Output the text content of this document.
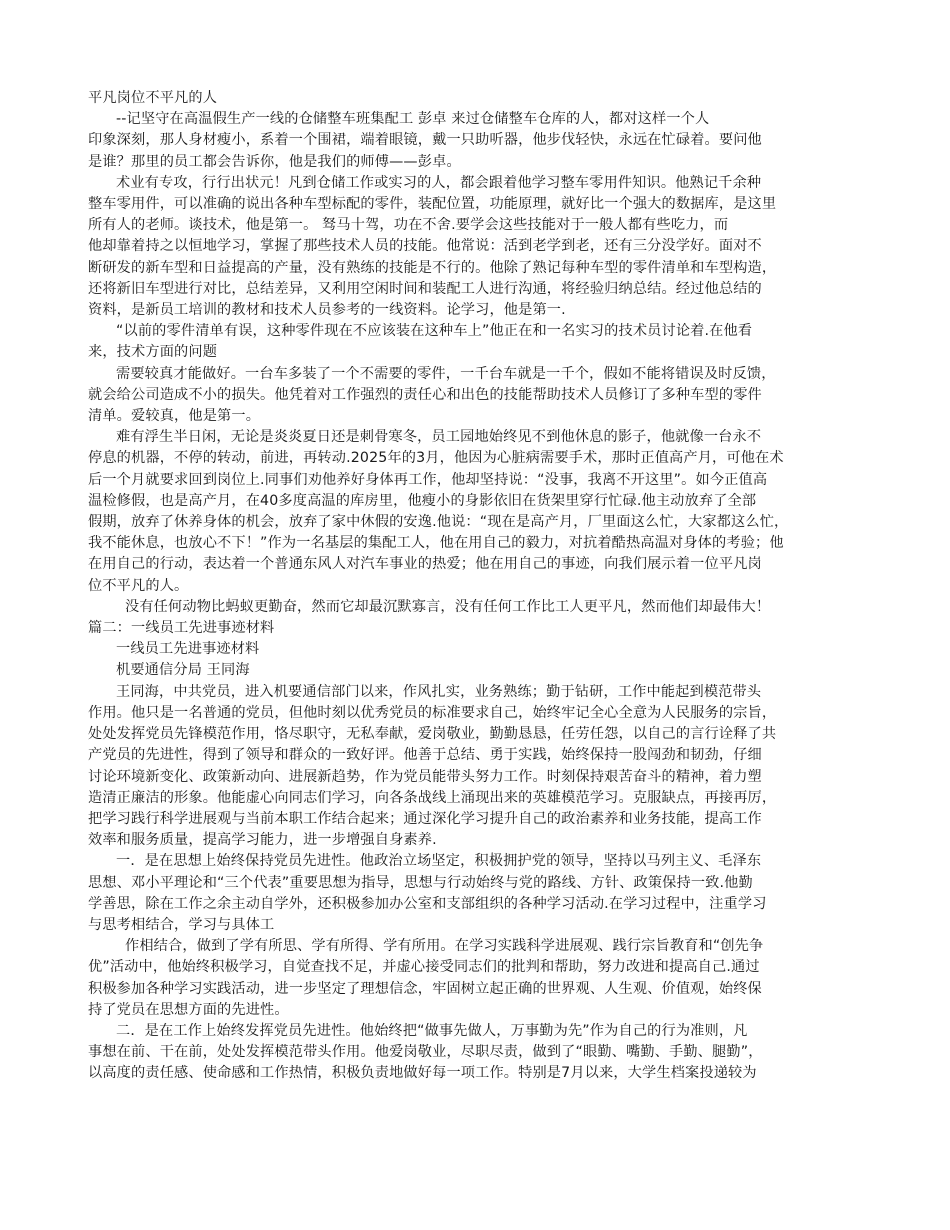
平凡岗位不平凡的人
--记坚守在高温假生产一线的仓储整车班集配工 彭卓 来过仓储整车仓库的人，都对这样一个人
印象深刻，那人身材瘦小，系着一个围裙，端着眼镜，戴一只助听器，他步伐轻快，永远在忙碌着。要问他
是谁？那里的员工都会告诉你，他是我们的师傅——彭卓。
术业有专攻，行行出状元！凡到仓储工作或实习的人，都会跟着他学习整车零用件知识。他熟记千余种
整车零用件，可以准确的说出各种车型标配的零件，装配位置，功能原理，就好比一个强大的数据库，是这里
所有人的老师。谈技术，他是第一。 驽马十驾，功在不舍.要学会这些技能对于一般人都有些吃力，而
他却靠着持之以恒地学习，掌握了那些技术人员的技能。他常说：活到老学到老，还有三分没学好。面对不
断研发的新车型和日益提高的产量，没有熟练的技能是不行的。他除了熟记每种车型的零件清单和车型构造，
还将新旧车型进行对比，总结差异，又利用空闲时间和装配工人进行沟通，将经验归纳总结。经过他总结的
资料，是新员工培训的教材和技术人员参考的一线资料。论学习，他是第一.
“以前的零件清单有误，这种零件现在不应该装在这种车上”他正在和一名实习的技术员讨论着.在他看
来，技术方面的问题
需要较真才能做好。一台车多装了一个不需要的零件，一千台车就是一千个，假如不能将错误及时反馈，
就会给公司造成不小的损失。他凭着对工作强烈的责任心和出色的技能帮助技术人员修订了多种车型的零件
清单。爱较真，他是第一。
难有浮生半日闲，无论是炎炎夏日还是刺骨寒冬，员工园地始终见不到他休息的影子，他就像一台永不
停息的机器，不停的转动，前进，再转动.2025年的3月，他因为心脏病需要手术，那时正值高产月，可他在术
后一个月就要求回到岗位上.同事们劝他养好身体再工作，他却坚持说：“没事，我离不开这里”。如今正值高
温检修假，也是高产月，在40多度高温的库房里，他瘦小的身影依旧在货架里穿行忙碌.他主动放弃了全部
假期，放弃了休养身体的机会，放弃了家中休假的安逸.他说：“现在是高产月，厂里面这么忙，大家都这么忙，
我不能休息，也放心不下！”作为一名基层的集配工人，他在用自己的毅力，对抗着酷热高温对身体的考验；他
在用自己的行动，表达着一个普通东风人对汽车事业的热爱；他在用自己的事迹，向我们展示着一位平凡岗
位不平凡的人。
没有任何动物比蚂蚁更勤奋，然而它却最沉默寡言，没有任何工作比工人更平凡，然而他们却最伟大！
篇二：一线员工先进事迹材料
一线员工先进事迹材料
机要通信分局 王同海
王同海，中共党员，进入机要通信部门以来，作风扎实，业务熟练；勤于钻研，工作中能起到模范带头
作用。他只是一名普通的党员，但他时刻以优秀党员的标准要求自己，始终牢记全心全意为人民服务的宗旨，
处处发挥党员先锋模范作用，恪尽职守，无私奉献，爱岗敬业，勤勤恳恳，任劳任怨，以自己的言行诠释了共
产党员的先进性，得到了领导和群众的一致好评。他善于总结、勇于实践，始终保持一股闯劲和韧劲，仔细
讨论环境新变化、政策新动向、进展新趋势，作为党员能带头努力工作。时刻保持艰苦奋斗的精神，着力塑
造清正廉洁的形象。他能虚心向同志们学习，向各条战线上涌现出来的英雄模范学习。克服缺点，再接再厉，
把学习践行科学进展观与当前本职工作结合起来；通过深化学习提升自己的政治素养和业务技能，提高工作
效率和服务质量，提高学习能力，进一步增强自身素养.
一．是在思想上始终保持党员先进性。他政治立场坚定，积极拥护党的领导，坚持以马列主义、毛泽东
思想、邓小平理论和“三个代表”重要思想为指导，思想与行动始终与党的路线、方针、政策保持一致.他勤
学善思，除在工作之余主动自学外，还积极参加办公室和支部组织的各种学习活动.在学习过程中，注重学习
与思考相结合，学习与具体工
作相结合，做到了学有所思、学有所得、学有所用。在学习实践科学进展观、践行宗旨教育和“创先争
优”活动中，他始终积极学习，自觉查找不足，并虚心接受同志们的批判和帮助，努力改进和提高自己.通过
积极参加各种学习实践活动，进一步坚定了理想信念，牢固树立起正确的世界观、人生观、价值观，始终保
持了党员在思想方面的先进性。
二．是在工作上始终发挥党员先进性。他始终把“做事先做人，万事勤为先”作为自己的行为准则，凡
事想在前、干在前，处处发挥模范带头作用。他爱岗敬业，尽职尽责，做到了“眼勤、嘴勤、手勤、腿勤”，
以高度的责任感、使命感和工作热情，积极负责地做好每一项工作。特别是7月以来，大学生档案投递较为
